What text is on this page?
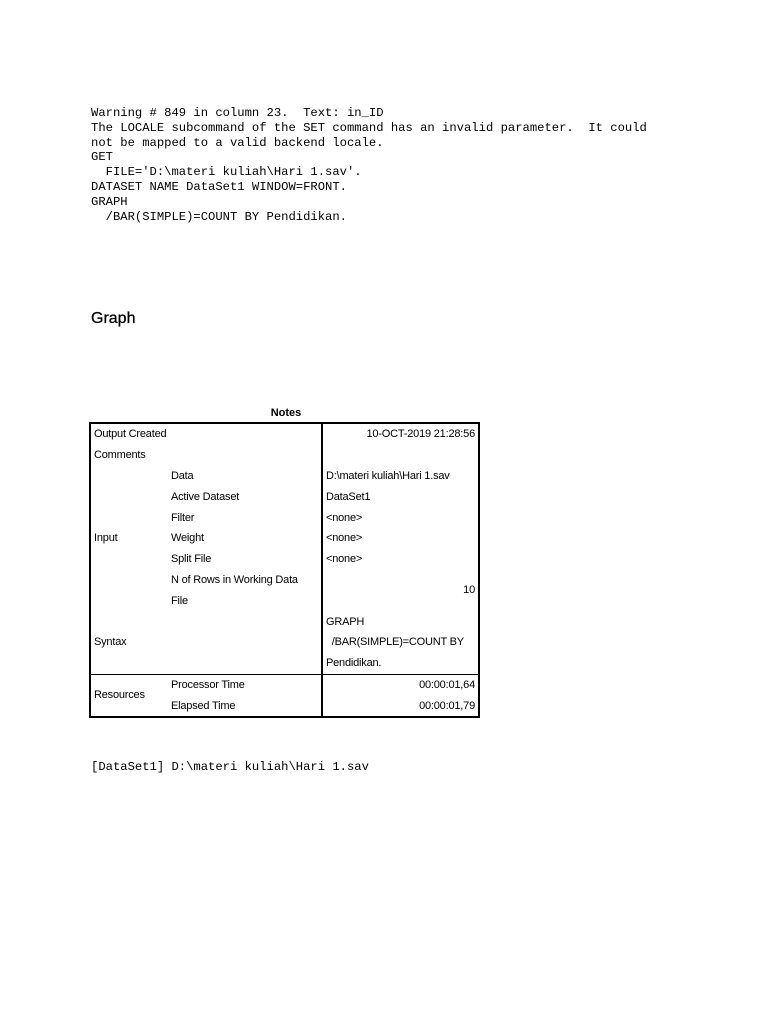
Warning # 849 in column 23.  Text: in_ID
The LOCALE subcommand of the SET command has an invalid parameter.  It could
not be mapped to a valid backend locale.
GET
FILE='D:\materi kuliah\Hari 1.sav'.
DATASET NAME DataSet1 WINDOW=FRONT.
GRAPH
/BAR(SIMPLE)=COUNT BY Pendidikan.
Graph
Notes
Output Created		10-OCT-2019 21:28:56
Comments		
Input	Data	D:\materi kuliah\Hari 1.sav
	Active Dataset	DataSet1
	Filter	<none>
	Weight	<none>
	Split File	<none>
	N of Rows in Working Data	10
	File	
Syntax		GRAPH
		/BAR(SIMPLE)=COUNT BY
		Pendidikan.
Resources	Processor Time	00:00:01,64
	Elapsed Time	00:00:01,79
[DataSet1] D:\materi kuliah\Hari 1.sav
